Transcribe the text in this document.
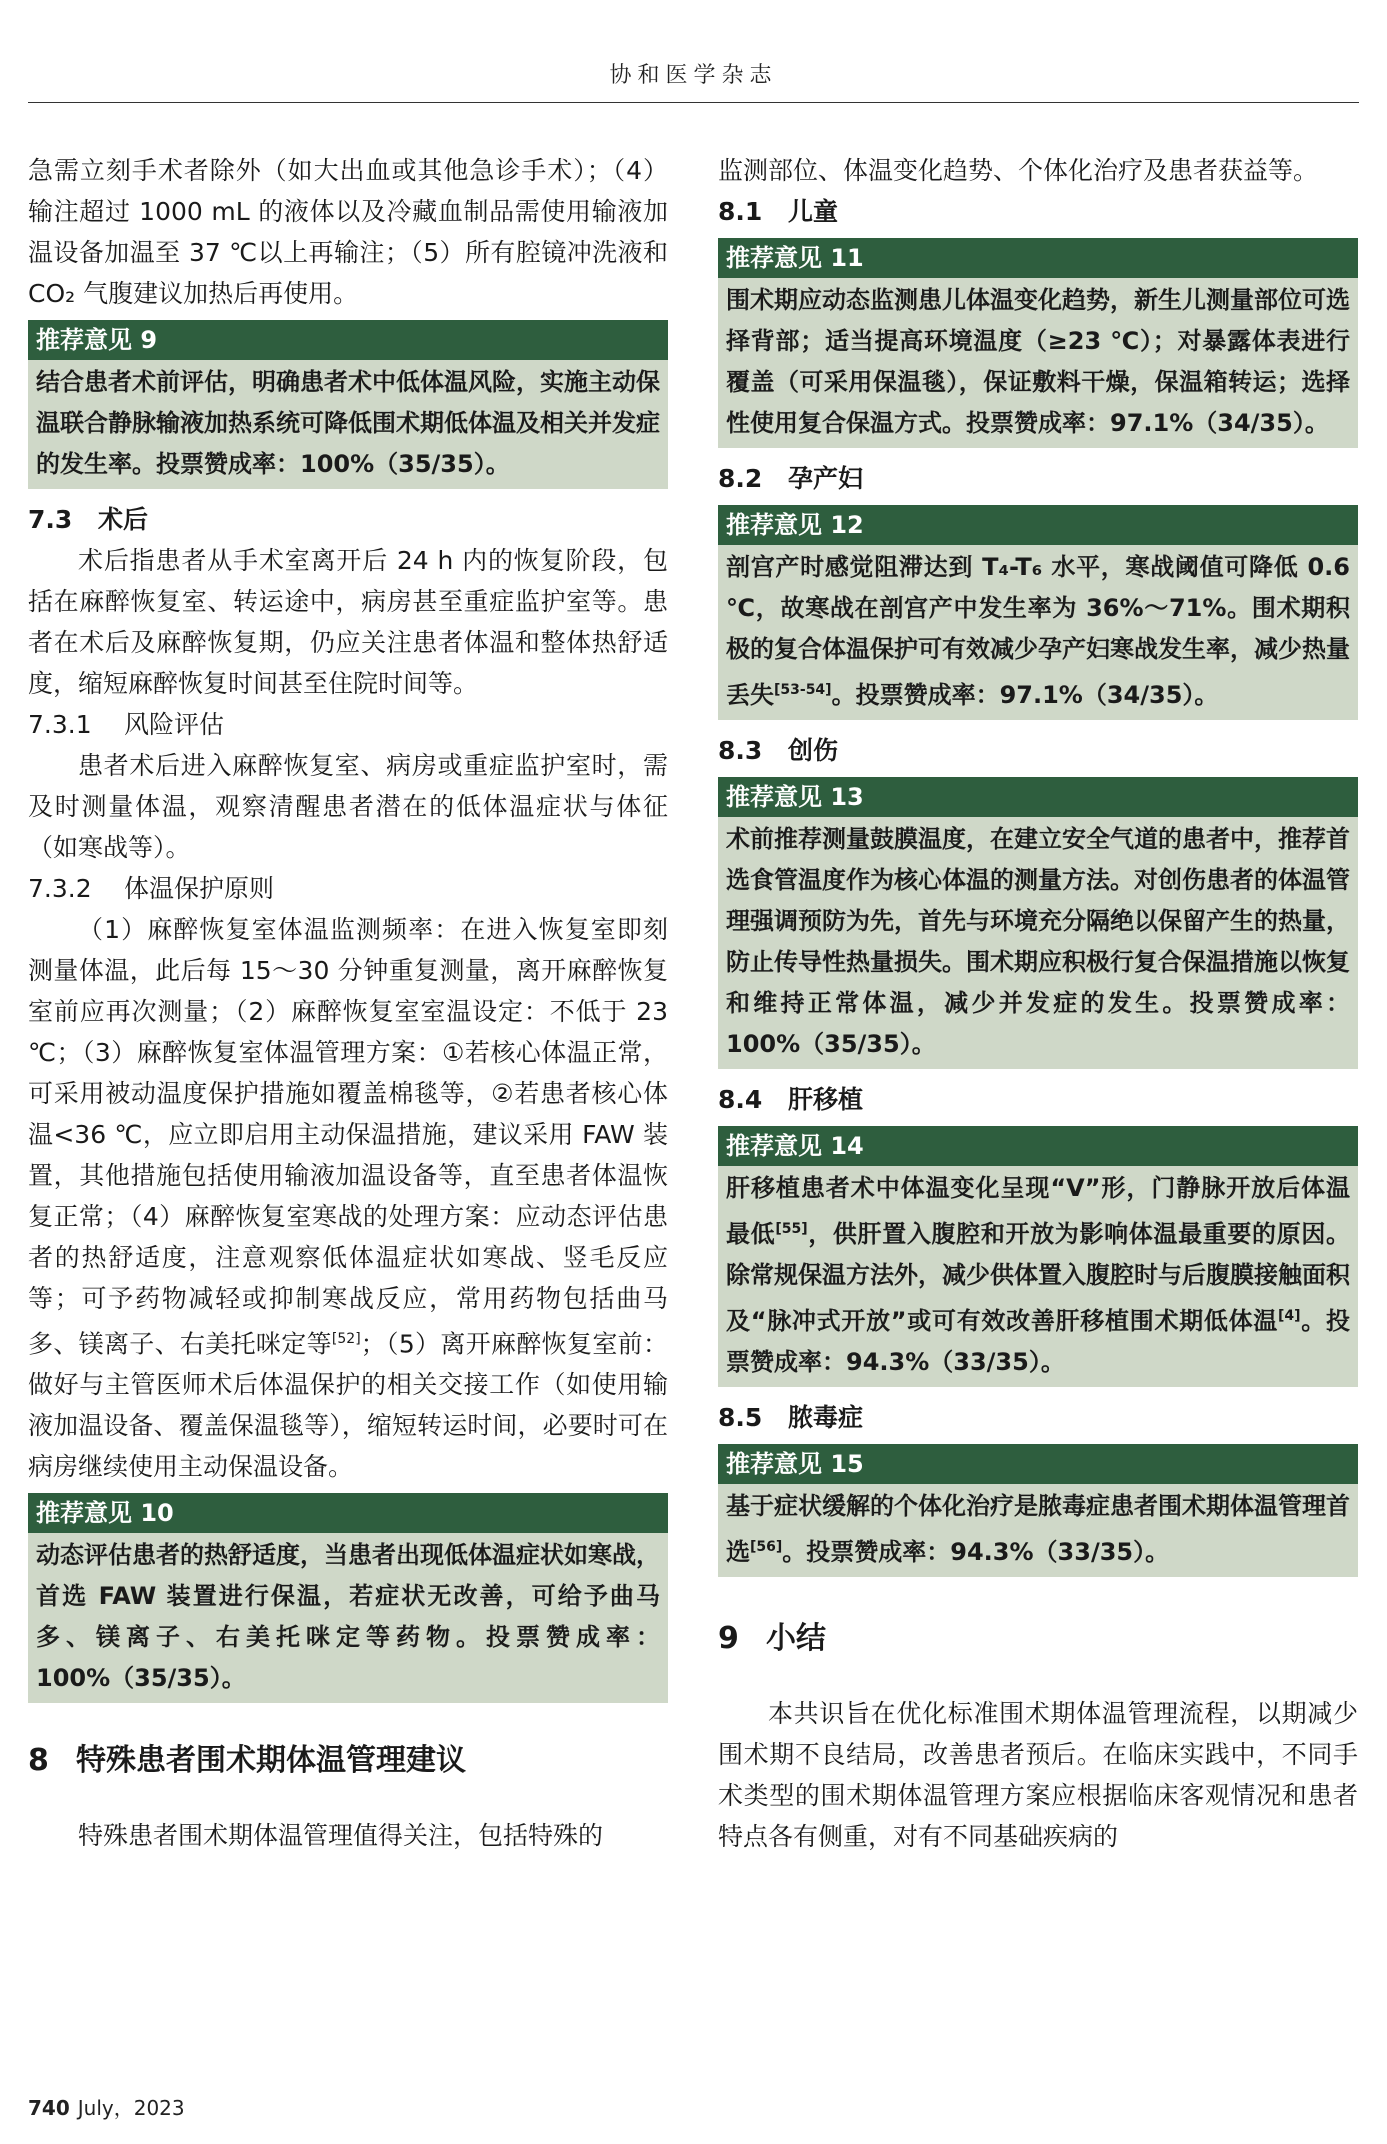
协和医学杂志

急需立刻手术者除外（如大出血或其他急诊手术）；（4）输注超过 1000 mL 的液体以及冷藏血制品需使用输液加温设备加温至 37 ℃以上再输注；（5）所有腔镜冲洗液和 CO₂ 气腹建议加热后再使用。

推荐意见 9
结合患者术前评估，明确患者术中低体温风险，实施主动保温联合静脉输液加热系统可降低围术期低体温及相关并发症的发生率。投票赞成率：100%（35/35）。

7.3 术后

术后指患者从手术室离开后 24 h 内的恢复阶段，包括在麻醉恢复室、转运途中，病房甚至重症监护室等。患者在术后及麻醉恢复期，仍应关注患者体温和整体热舒适度，缩短麻醉恢复时间甚至住院时间等。

7.3.1 风险评估

患者术后进入麻醉恢复室、病房或重症监护室时，需及时测量体温，观察清醒患者潜在的低体温症状与体征（如寒战等）。

7.3.2 体温保护原则

（1）麻醉恢复室体温监测频率：在进入恢复室即刻测量体温，此后每 15～30 分钟重复测量，离开麻醉恢复室前应再次测量；（2）麻醉恢复室室温设定：不低于 23 ℃；（3）麻醉恢复室体温管理方案：①若核心体温正常，可采用被动温度保护措施如覆盖棉毯等，②若患者核心体温<36 ℃，应立即启用主动保温措施，建议采用 FAW 装置，其他措施包括使用输液加温设备等，直至患者体温恢复正常；（4）麻醉恢复室寒战的处理方案：应动态评估患者的热舒适度，注意观察低体温症状如寒战、竖毛反应等；可予药物减轻或抑制寒战反应，常用药物包括曲马多、镁离子、右美托咪定等[52]；（5）离开麻醉恢复室前：做好与主管医师术后体温保护的相关交接工作（如使用输液加温设备、覆盖保温毯等），缩短转运时间，必要时可在病房继续使用主动保温设备。

推荐意见 10
动态评估患者的热舒适度，当患者出现低体温症状如寒战，首选 FAW 装置进行保温，若症状无改善，可给予曲马多、镁离子、右美托咪定等药物。投票赞成率：100%（35/35）。

8 特殊患者围术期体温管理建议

特殊患者围术期体温管理值得关注，包括特殊的

监测部位、体温变化趋势、个体化治疗及患者获益等。

8.1 儿童

推荐意见 11
围术期应动态监测患儿体温变化趋势，新生儿测量部位可选择背部；适当提高环境温度（≥23 ℃）；对暴露体表进行覆盖（可采用保温毯），保证敷料干燥，保温箱转运；选择性使用复合保温方式。投票赞成率：97.1%（34/35）。

8.2 孕产妇

推荐意见 12
剖宫产时感觉阻滞达到 T₄-T₆ 水平，寒战阈值可降低 0.6 ℃，故寒战在剖宫产中发生率为 36%～71%。围术期积极的复合体温保护可有效减少孕产妇寒战发生率，减少热量丢失[53-54]。投票赞成率：97.1%（34/35）。

8.3 创伤

推荐意见 13
术前推荐测量鼓膜温度，在建立安全气道的患者中，推荐首选食管温度作为核心体温的测量方法。对创伤患者的体温管理强调预防为先，首先与环境充分隔绝以保留产生的热量，防止传导性热量损失。围术期应积极行复合保温措施以恢复和维持正常体温，减少并发症的发生。投票赞成率：100%（35/35）。

8.4 肝移植

推荐意见 14
肝移植患者术中体温变化呈现“V”形，门静脉开放后体温最低[55]，供肝置入腹腔和开放为影响体温最重要的原因。除常规保温方法外，减少供体置入腹腔时与后腹膜接触面积及“脉冲式开放”或可有效改善肝移植围术期低体温[4]。投票赞成率：94.3%（33/35）。

8.5 脓毒症

推荐意见 15
基于症状缓解的个体化治疗是脓毒症患者围术期体温管理首选[56]。投票赞成率：94.3%（33/35）。

9 小结

本共识旨在优化标准围术期体温管理流程，以期减少围术期不良结局，改善患者预后。在临床实践中，不同手术类型的围术期体温管理方案应根据临床客观情况和患者特点各有侧重，对有不同基础疾病的

740 July，2023
